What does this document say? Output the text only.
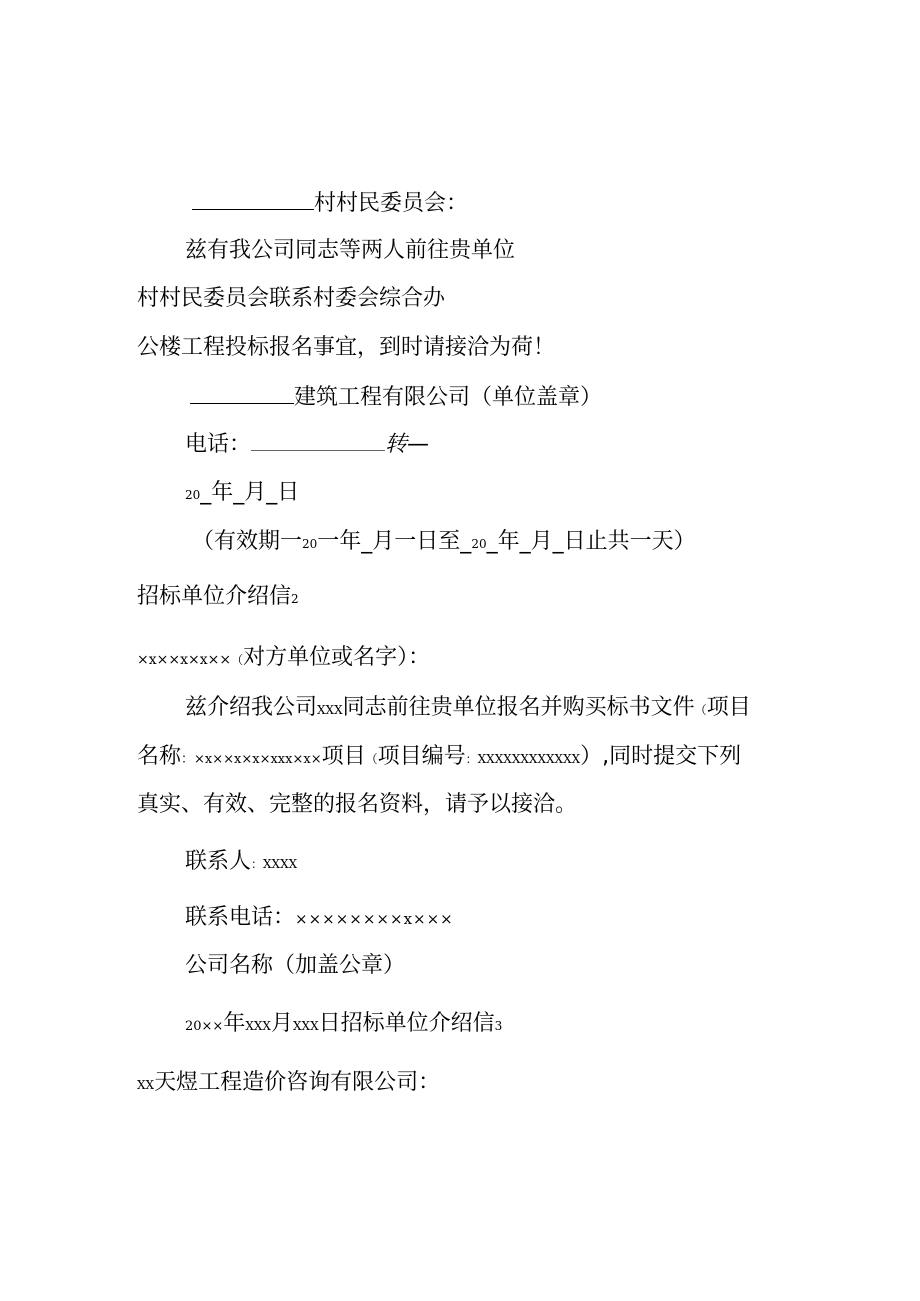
村村民委员会：
兹有我公司同志等两人前往贵单位
村村民委员会联系村委会综合办
公楼工程投标报名事宜，到时请接洽为荷！
建筑工程有限公司（单位盖章）
电话：	转—
20_年_月_日
（有效期一20一年_月一日至_20_年_月_日止共一天）
招标单位介绍信2
×x××x×x××（对方单位或名字）：
兹介绍我公司XXX同志前往贵单位报名并购买标书文件（项目
名称：×x××x×x×xxx×x×项目（项目编号：XXXXXXXXXXXX）,同时提交下列
真实、有效、完整的报名资料，请予以接洽。
联系人：XXXX
联系电话：××××××××x×××
公司名称（加盖公章）
20××年XXX月XXX日招标单位介绍信3
XX天煜工程造价咨询有限公司：
